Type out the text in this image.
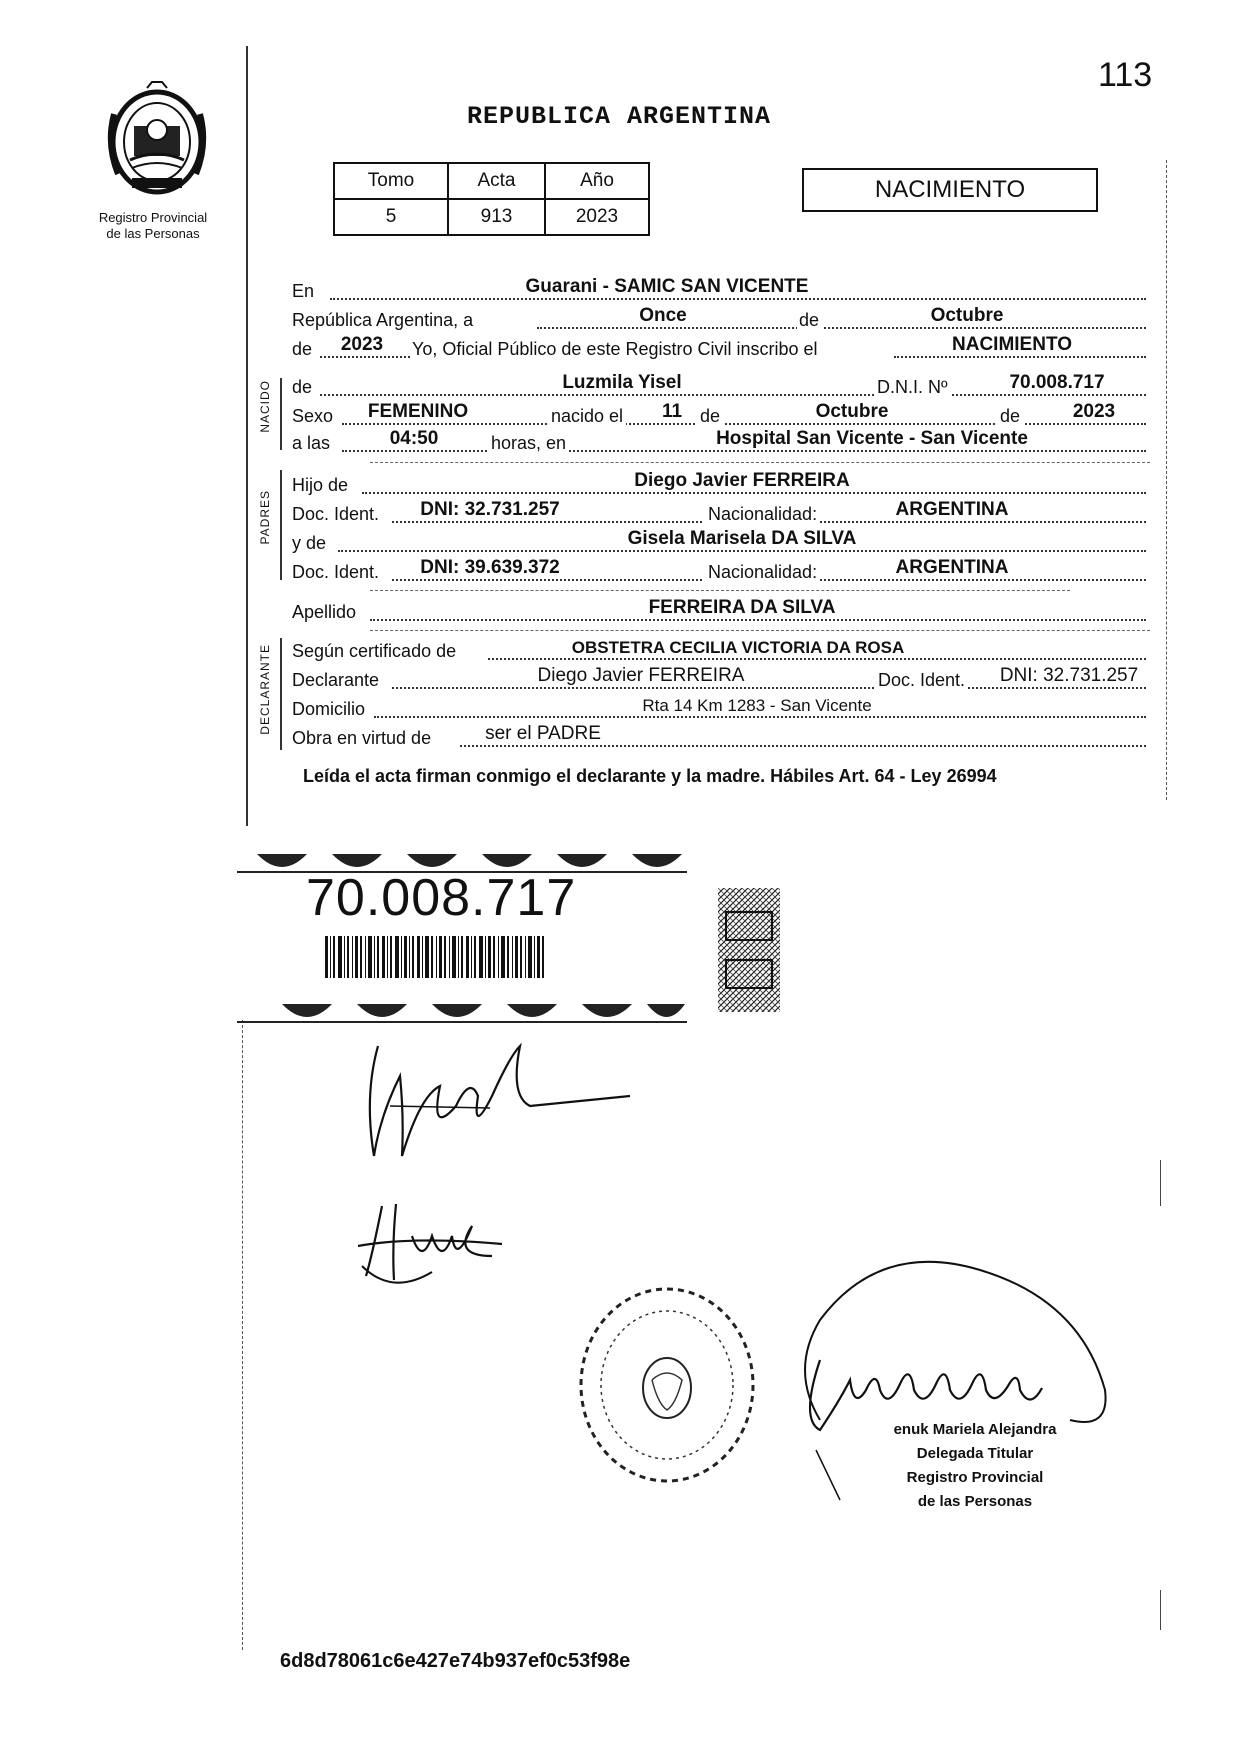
113
Registro Provincial
de las Personas
REPUBLICA ARGENTINA
Tomo	Acta	Año
5	913	2023
NACIMIENTO
NACIDO
PADRES
DECLARANTE
En	Guarani - SAMIC SAN VICENTE
República Argentina, a	Once	de	Octubre
de	2023	Yo, Oficial Público de este Registro Civil inscribo el	NACIMIENTO
de	Luzmila Yisel	D.N.I. Nº	70.008.717
Sexo	FEMENINO	nacido el	11 de	Octubre	de	2023
a las	04:50	horas, en	Hospital San Vicente - San Vicente
Hijo de	Diego Javier FERREIRA
Doc. Ident.	DNI: 32.731.257	Nacionalidad:	ARGENTINA
y de	Gisela Marisela DA SILVA
Doc. Ident.	DNI: 39.639.372	Nacionalidad:	ARGENTINA
Apellido	FERREIRA DA SILVA
Según certificado de	OBSTETRA CECILIA VICTORIA DA ROSA
Declarante	Diego Javier FERREIRA	Doc. Ident.	DNI: 32.731.257
Domicilio	Rta 14 Km 1283 - San Vicente
Obra en virtud de	ser el PADRE
Leída el acta firman conmigo el declarante y la madre. Hábiles Art. 64 - Ley 26994
70.008.717
enuk Mariela Alejandra
Delegada Titular
Registro Provincial
de las Personas
6d8d78061c6e427e74b937ef0c53f98e
